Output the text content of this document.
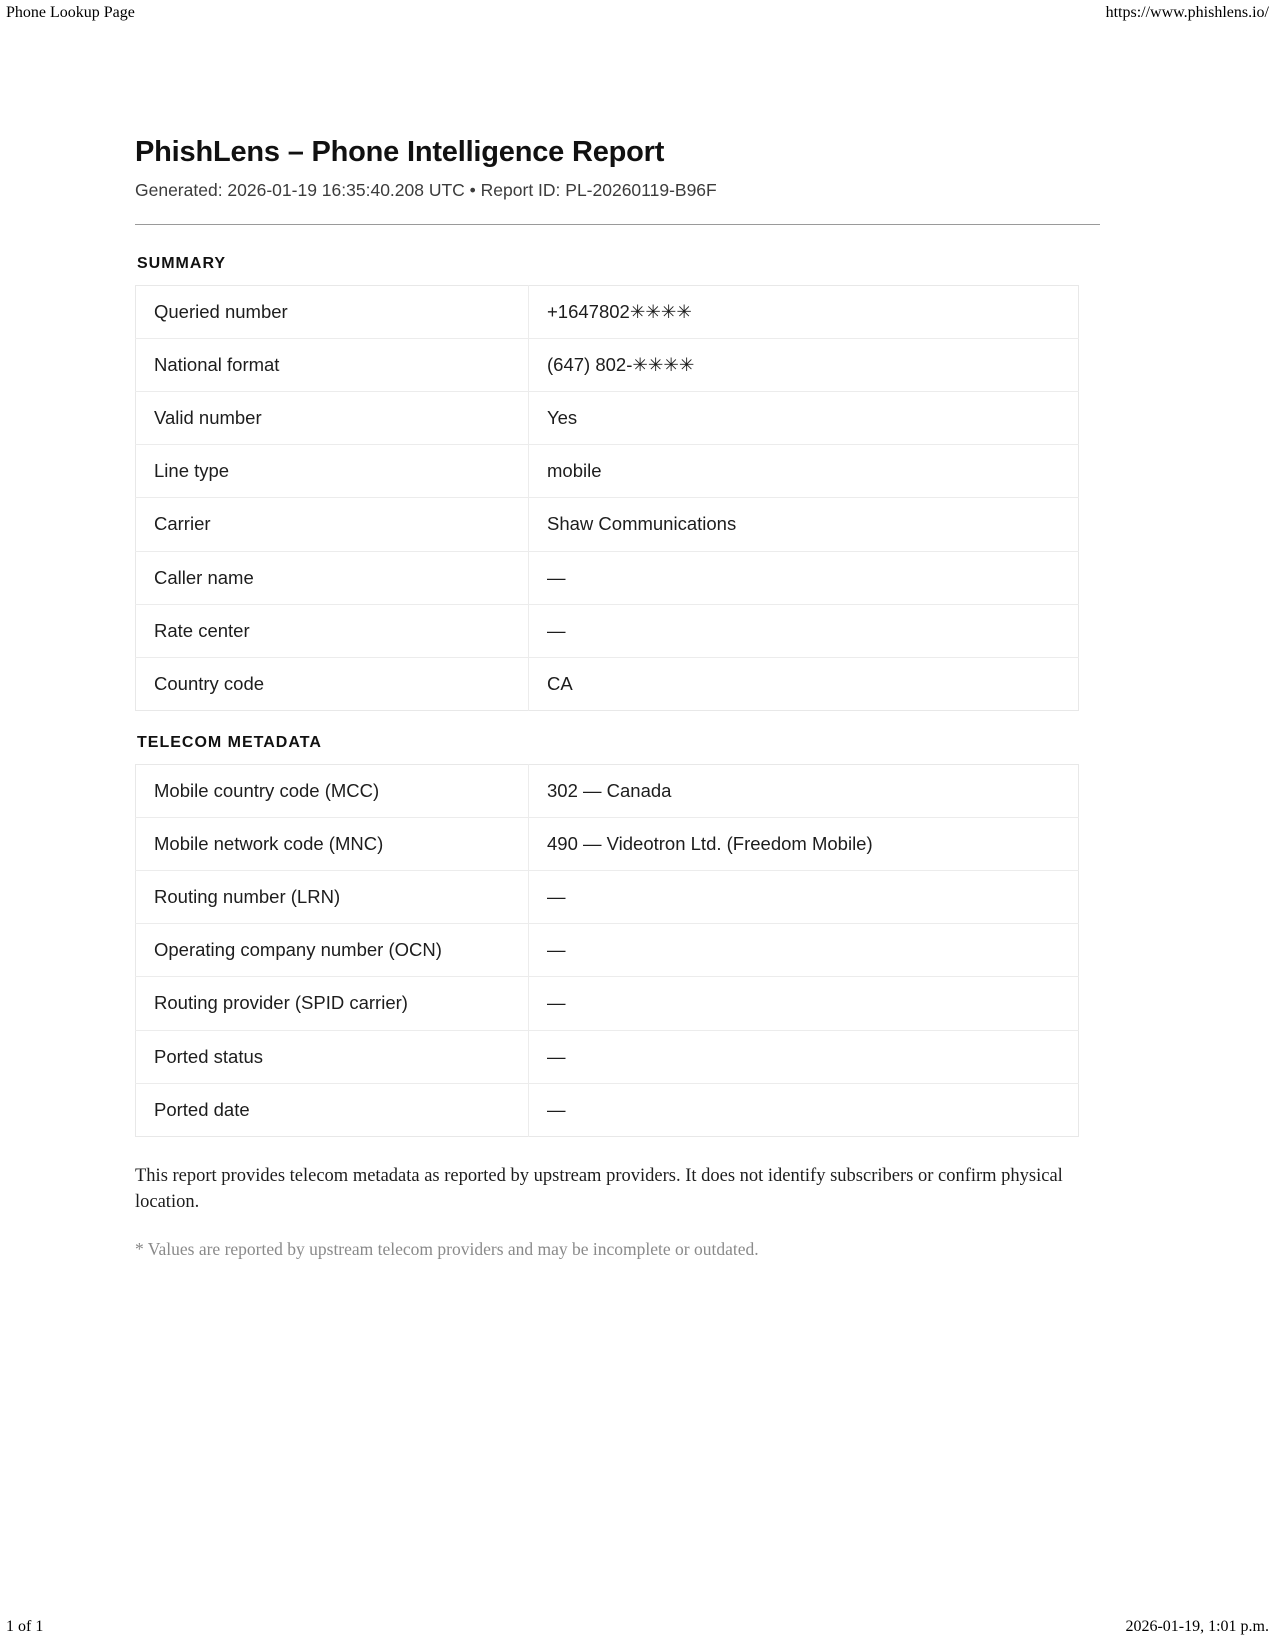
Phone Lookup Page	https://www.phishlens.io/
PhishLens – Phone Intelligence Report

Generated: 2026-01-19 16:35:40.208 UTC • Report ID: PL-20260119-B96F

SUMMARY
Queried number	+1647802✳✳✳✳
National format	(647) 802-✳✳✳✳
Valid number	Yes
Line type	mobile
Carrier	Shaw Communications
Caller name	—
Rate center	—
Country code	CA
TELECOM METADATA
Mobile country code (MCC)	302 — Canada
Mobile network code (MNC)	490 — Videotron Ltd. (Freedom Mobile)
Routing number (LRN)	—
Operating company number (OCN)	—
Routing provider (SPID carrier)	—
Ported status	—
Ported date	—

This report provides telecom metadata as reported by upstream providers. It does not identify subscribers or confirm physical location.

* Values are reported by upstream telecom providers and may be incomplete or outdated.

1 of 1	2026-01-19, 1:01 p.m.
